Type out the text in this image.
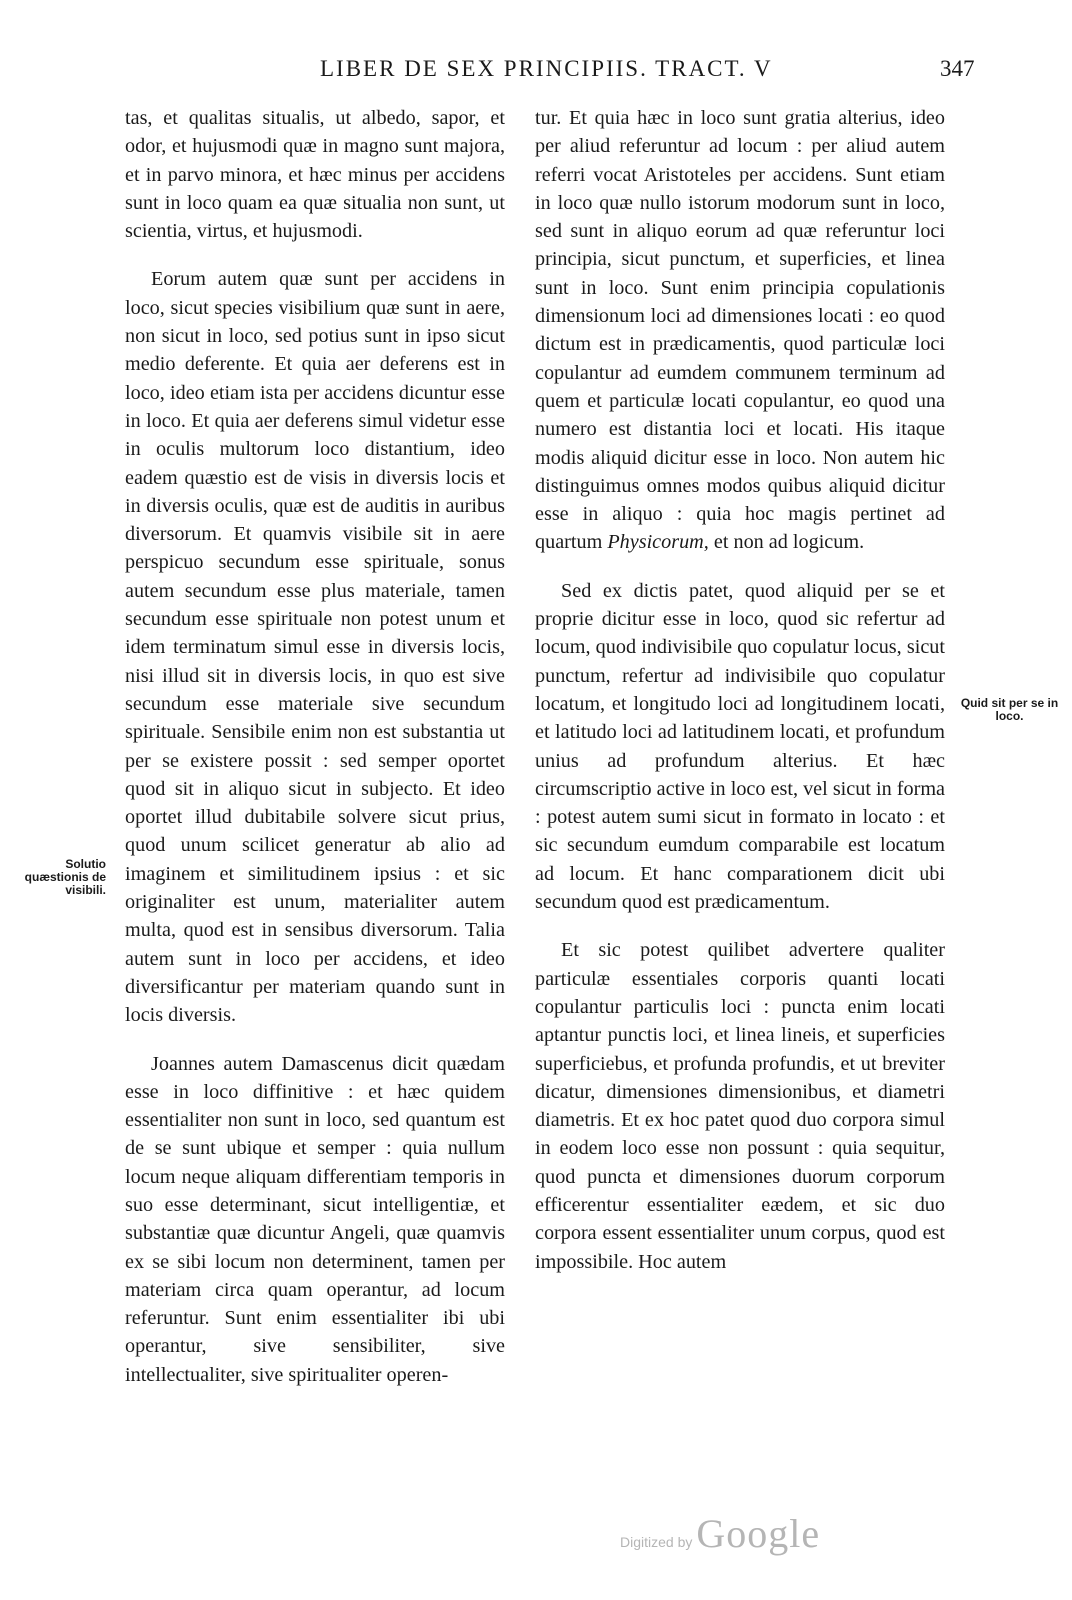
LIBER DE SEX PRINCIPIIS. TRACT. V	347

tas, et qualitas situalis, ut albedo, sapor, et odor, et hujusmodi quæ in magno sunt majora, et in parvo minora, et hæc minus per accidens sunt in loco quam ea quæ situalia non sunt, ut scientia, virtus, et hujusmodi.

Eorum autem quæ sunt per accidens in loco, sicut species visibilium quæ sunt in aere, non sicut in loco, sed potius sunt in ipso sicut medio deferente. Et quia aer deferens est in loco, ideo etiam ista per accidens dicuntur esse in loco. Et quia aer deferens simul videtur esse in oculis multorum loco distantium, ideo eadem quæstio est de visis in diversis locis et in diversis oculis, quæ est de auditis in auribus diversorum. Et quamvis visibile sit in aere perspicuo secundum esse spirituale, sonus autem secundum esse plus materiale, tamen secundum esse spirituale non potest unum et idem terminatum simul esse in diversis locis, nisi illud sit in diversis locis, in quo est sive secundum esse materiale sive secundum spirituale. Sensibile enim non est substantia ut per se existere possit : sed semper oportet quod sit in aliquo sicut in subjecto. Et ideo oportet illud dubitabile solvere sicut prius, quod unum scilicet generatur ab alio ad imaginem et similitudinem ipsius : et sic originaliter est unum, materialiter autem multa, quod est in sensibus diversorum. Talia autem sunt in loco per accidens, et ideo diversificantur per materiam quando sunt in locis diversis.

Joannes autem Damascenus dicit quædam esse in loco diffinitive : et hæc quidem essentialiter non sunt in loco, sed quantum est de se sunt ubique et semper : quia nullum locum neque aliquam differentiam temporis in suo esse determinant, sicut intelligentiæ, et substantiæ quæ dicuntur Angeli, quæ quamvis ex se sibi locum non determinent, tamen per materiam circa quam operantur, ad locum referuntur. Sunt enim essentialiter ibi ubi operantur, sive sensibiliter, sive intellectualiter, sive spiritualiter operen-

tur. Et quia hæc in loco sunt gratia alterius, ideo per aliud referuntur ad locum : per aliud autem referri vocat Aristoteles per accidens. Sunt etiam in loco quæ nullo istorum modorum sunt in loco, sed sunt in aliquo eorum ad quæ referuntur loci principia, sicut punctum, et superficies, et linea sunt in loco. Sunt enim principia copulationis dimensionum loci ad dimensiones locati : eo quod dictum est in prædicamentis, quod particulæ loci copulantur ad eumdem communem terminum ad quem et particulæ locati copulantur, eo quod una numero est distantia loci et locati. His itaque modis aliquid dicitur esse in loco. Non autem hic distinguimus omnes modos quibus aliquid dicitur esse in aliquo : quia hoc magis pertinet ad quartum Physicorum, et non ad logicum.

Sed ex dictis patet, quod aliquid per se et proprie dicitur esse in loco, quod sic refertur ad locum, quod indivisibile quo copulatur locus, sicut punctum, refertur ad indivisibile quo copulatur locatum, et longitudo loci ad longitudinem locati, et latitudo loci ad latitudinem locati, et profundum unius ad profundum alterius. Et hæc circumscriptio active in loco est, vel sicut in forma : potest autem sumi sicut in formato in locato : et sic secundum eumdum comparabile est locatum ad locum. Et hanc comparationem dicit ubi secundum quod est prædicamentum.

Et sic potest quilibet advertere qualiter particulæ essentiales corporis quanti locati copulantur particulis loci : puncta enim locati aptantur punctis loci, et linea lineis, et superficies superficiebus, et profunda profundis, et ut breviter dicatur, dimensiones dimensionibus, et diametri diametris. Et ex hoc patet quod duo corpora simul in eodem loco esse non possunt : quia sequitur, quod puncta et dimensiones duorum corporum efficerentur essentialiter eædem, et sic duo corpora essent essentialiter unum corpus, quod est impossibile. Hoc autem

Solutio quæstionis de visibili.
Quid sit per se in loco.
Digitized by Google
